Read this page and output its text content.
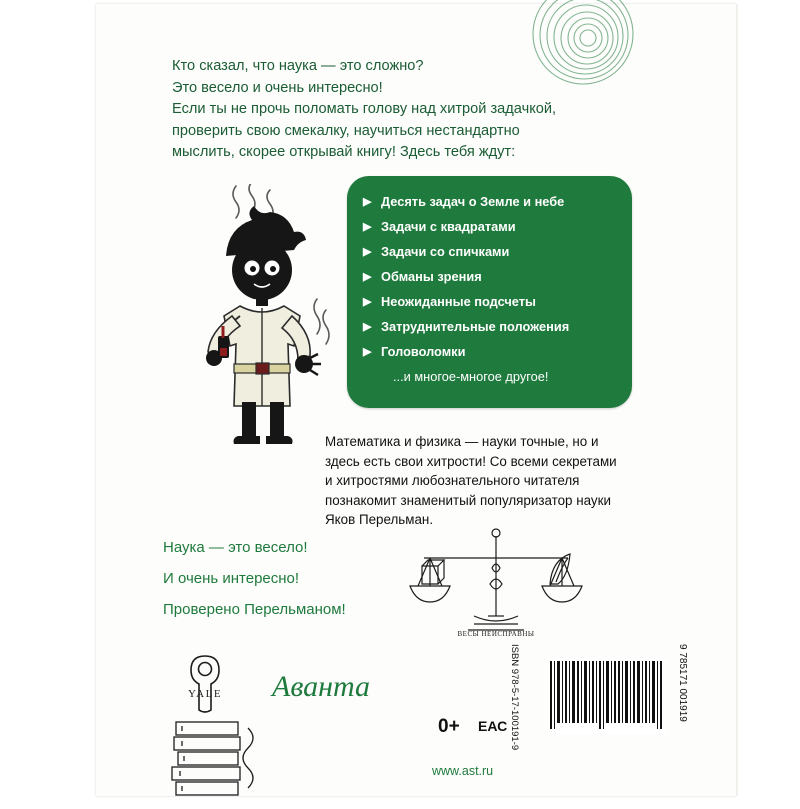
Кто сказал, что наука — это сложно?
Это весело и очень интересно!
Если ты не прочь поломать голову над хитрой задачкой,
проверить свою смекалку, научиться нестандартно
мыслить, скорее открывай книгу! Здесь тебя ждут:
▶ Десять задач о Земле и небе
▶ Задачи с квадратами
▶ Задачи со спичками
▶ Обманы зрения
▶ Неожиданные подсчеты
▶ Затруднительные положения
▶ Головоломки
...и многое-многое другое!
Математика и физика — науки точные, но и здесь есть свои хитрости! Со всеми секретами и хитростями любознательного читателя познакомит знаменитый популяризатор науки Яков Перельман.
Наука — это весело!
И очень интересно!
Проверено Перельманом!
ВЕСЫ НЕИСПРАВНЫ
YALE	Аванта
0+ ЕАС
www.ast.ru
ISBN 978-5-17-100191-9	9 785171 001919
